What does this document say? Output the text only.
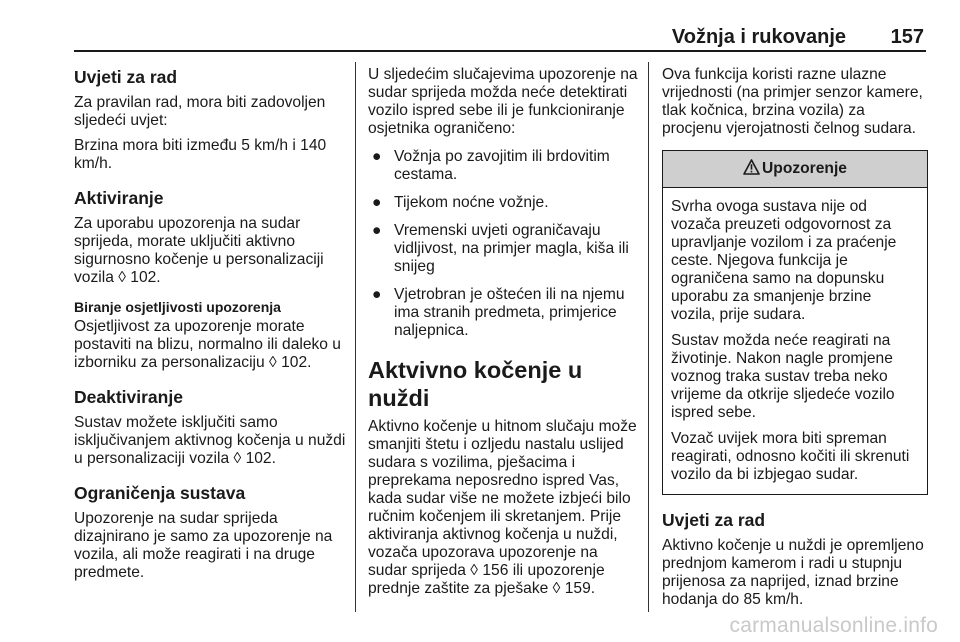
Vožnja i rukovanje 157
Uvjeti za rad

Za pravilan rad, mora biti zadovoljen sljedeći uvjet:

Brzina mora biti između 5 km/h i 140 km/h.

Aktiviranje

Za uporabu upozorenja na sudar sprijeda, morate uključiti aktivno sigurnosno kočenje u personalizaciji vozila ◊ 102.

Biranje osjetljivosti upozorenja

Osjetljivost za upozorenje morate postaviti na blizu, normalno ili daleko u izborniku za personalizaciju ◊ 102.

Deaktiviranje

Sustav možete isključiti samo isključivanjem aktivnog kočenja u nuždi u personalizaciji vozila ◊ 102.

Ograničenja sustava

Upozorenje na sudar sprijeda dizajnirano je samo za upozorenje na vozila, ali može reagirati i na druge predmete.

U sljedećim slučajevima upozorenje na sudar sprijeda možda neće detektirati vozilo ispred sebe ili je funkcioniranje osjetnika ograničeno:

● Vožnja po zavojitim ili brdovitim cestama.
● Tijekom noćne vožnje.
● Vremenski uvjeti ograničavaju vidljivost, na primjer magla, kiša ili snijeg
● Vjetrobran je oštećen ili na njemu ima stranih predmeta, primjerice naljepnica.
Aktvivno kočenje u nuždi

Aktivno kočenje u hitnom slučaju može smanjiti štetu i ozljedu nastalu uslijed sudara s vozilima, pješacima i preprekama neposredno ispred Vas, kada sudar više ne možete izbjeći bilo ručnim kočenjem ili skretanjem. Prije aktiviranja aktivnog kočenja u nuždi, vozača upozorava upozorenje na sudar sprijeda ◊ 156 ili upozorenje prednje zaštite za pješake ◊ 159.

Ova funkcija koristi razne ulazne vrijednosti (na primjer senzor kamere, tlak kočnica, brzina vozila) za procjenu vjerojatnosti čelnog sudara.

Upozorenje

Svrha ovoga sustava nije od vozača preuzeti odgovornost za upravljanje vozilom i za praćenje ceste. Njegova funkcija je ograničena samo na dopunsku uporabu za smanjenje brzine vozila, prije sudara.

Sustav možda neće reagirati na životinje. Nakon nagle promjene voznog traka sustav treba neko vrijeme da otkrije sljedeće vozilo ispred sebe.

Vozač uvijek mora biti spreman reagirati, odnosno kočiti ili skrenuti vozilo da bi izbjegao sudar.

Uvjeti za rad

Aktivno kočenje u nuždi je opremljeno prednjom kamerom i radi u stupnju prijenosa za naprijed, iznad brzine hodanja do 85 km/h.

carmanualsonline.info
